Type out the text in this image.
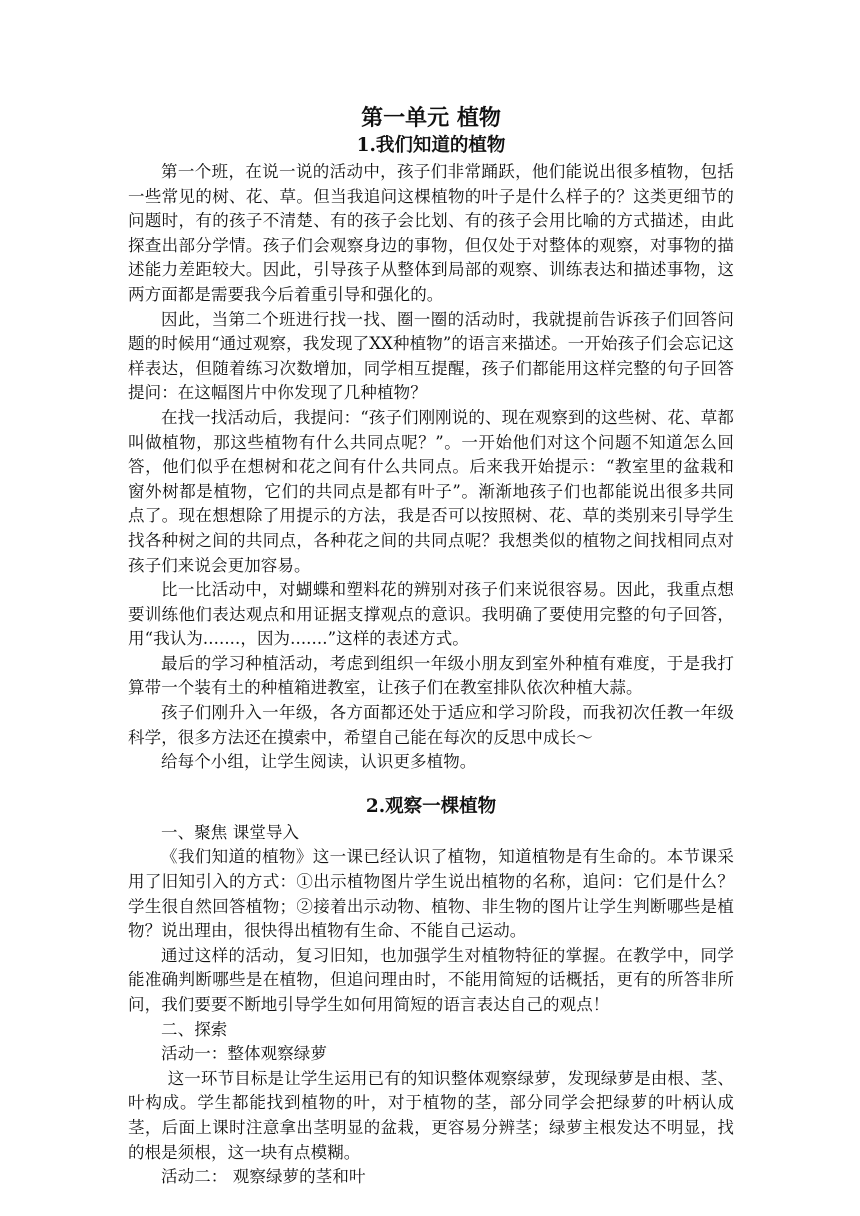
第一单元 植物
1.我们知道的植物

第一个班，在说一说的活动中，孩子们非常踊跃，他们能说出很多植物，包括一些常见的树、花、草。但当我追问这棵植物的叶子是什么样子的？这类更细节的问题时，有的孩子不清楚、有的孩子会比划、有的孩子会用比喻的方式描述，由此探查出部分学情。孩子们会观察身边的事物，但仅处于对整体的观察，对事物的描述能力差距较大。因此，引导孩子从整体到局部的观察、训练表达和描述事物，这两方面都是需要我今后着重引导和强化的。

因此，当第二个班进行找一找、圈一圈的活动时，我就提前告诉孩子们回答问题的时候用“通过观察，我发现了XX种植物”的语言来描述。一开始孩子们会忘记这样表达，但随着练习次数增加，同学相互提醒，孩子们都能用这样完整的句子回答提问：在这幅图片中你发现了几种植物？

在找一找活动后，我提问：“孩子们刚刚说的、现在观察到的这些树、花、草都叫做植物，那这些植物有什么共同点呢？”。一开始他们对这个问题不知道怎么回答，他们似乎在想树和花之间有什么共同点。后来我开始提示：“教室里的盆栽和窗外树都是植物，它们的共同点是都有叶子”。渐渐地孩子们也都能说出很多共同点了。现在想想除了用提示的方法，我是否可以按照树、花、草的类别来引导学生找各种树之间的共同点，各种花之间的共同点呢？我想类似的植物之间找相同点对孩子们来说会更加容易。

比一比活动中，对蝴蝶和塑料花的辨别对孩子们来说很容易。因此，我重点想要训练他们表达观点和用证据支撑观点的意识。我明确了要使用完整的句子回答，用“我认为.......，因为.......”这样的表述方式。

最后的学习种植活动，考虑到组织一年级小朋友到室外种植有难度，于是我打算带一个装有土的种植箱进教室，让孩子们在教室排队依次种植大蒜。

孩子们刚升入一年级，各方面都还处于适应和学习阶段，而我初次任教一年级科学，很多方法还在摸索中，希望自己能在每次的反思中成长～

给每个小组，让学生阅读，认识更多植物。

2.观察一棵植物

一、聚焦 课堂导入

《我们知道的植物》这一课已经认识了植物，知道植物是有生命的。本节课采用了旧知引入的方式：①出示植物图片学生说出植物的名称，追问：它们是什么？学生很自然回答植物；②接着出示动物、植物、非生物的图片让学生判断哪些是植物？说出理由，很快得出植物有生命、不能自己运动。

通过这样的活动，复习旧知，也加强学生对植物特征的掌握。在教学中，同学能准确判断哪些是在植物，但追问理由时，不能用简短的话概括，更有的所答非所问，我们要要不断地引导学生如何用简短的语言表达自己的观点！

二、探索

活动一：整体观察绿萝

这一环节目标是让学生运用已有的知识整体观察绿萝，发现绿萝是由根、茎、叶构成。学生都能找到植物的叶，对于植物的茎，部分同学会把绿萝的叶柄认成茎，后面上课时注意拿出茎明显的盆栽，更容易分辨茎；绿萝主根发达不明显，找的根是须根，这一块有点模糊。

活动二： 观察绿萝的茎和叶
